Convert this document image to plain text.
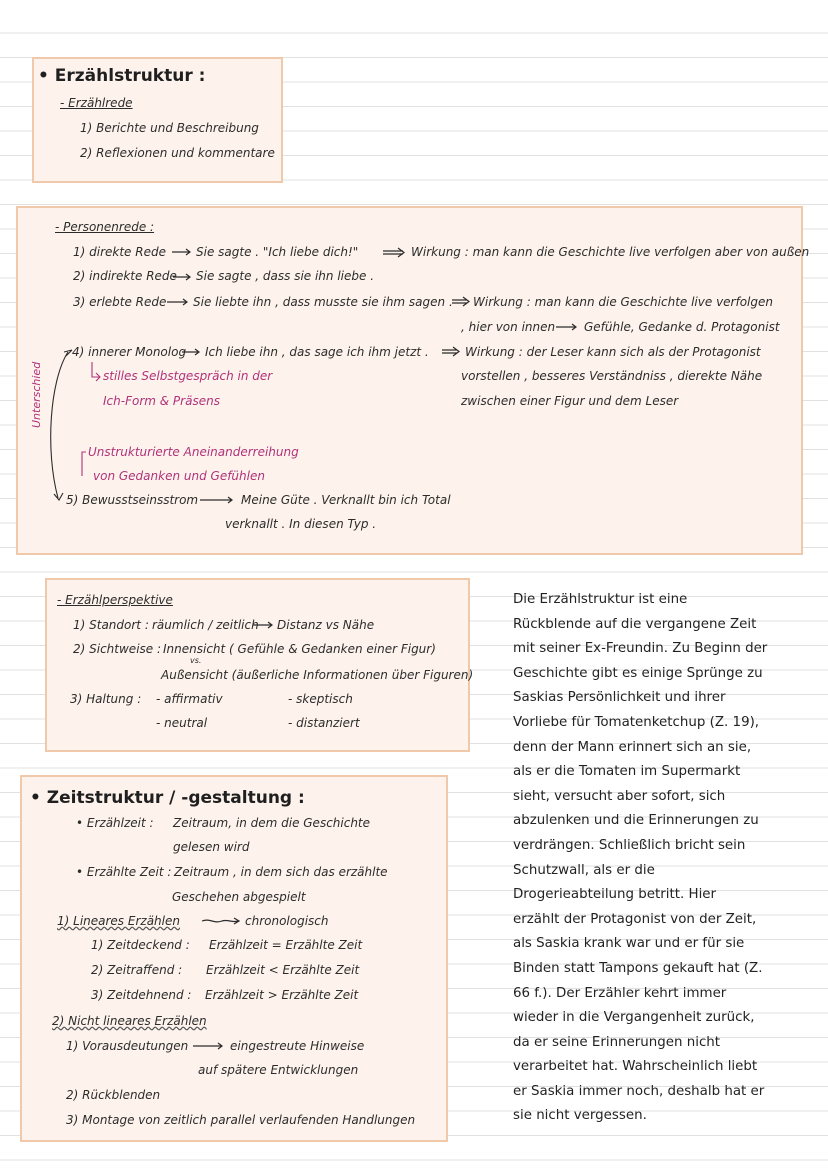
• Erzählstruktur :
- Erzählrede
1) Berichte und Beschreibung
2) Reflexionen und kommentare
- Personenrede :
1) direkte Rede	Sie sagte . "Ich liebe dich!"	Wirkung : man kann die Geschichte live verfolgen aber von außen
2) indirekte Rede Sie sagte , dass sie ihn liebe .
3) erlebte Rede Sie liebte ihn , dass musste sie ihm sagen . Wirkung : man kann die Geschichte live verfolgen
, hier von innen Gefühle, Gedanke d. Protagonist
4) innerer Monolog Ich liebe ihn , das sage ich ihm jetzt .	Wirkung : der Leser kann sich als der Protagonist
stilles Selbstgespräch in der
Ich-Form & Präsens
vorstellen , besseres Verständniss , dierekte Nähe
zwischen einer Figur und dem Leser
Unterschied
Unstrukturierte Aneinanderreihung
von Gedanken und Gefühlen
5) Bewusstseinsstrom	Meine Güte . Verknallt bin ich Total
verknallt . In diesen Typ .
- Erzählperspektive
1) Standort : räumlich / zeitlich Distanz vs Nähe
2) Sichtweise : Innensicht ( Gefühle & Gedanken einer Figur)
vs.
Außensicht (äußerliche Informationen über Figuren)
3) Haltung : - affirmativ	- skeptisch
- neutral	- distanziert
• Zeitstruktur / -gestaltung :
• Erzählzeit : Zeitraum, in dem die Geschichte
gelesen wird
• Erzählte Zeit : Zeitraum , in dem sich das erzählte
Geschehen abgespielt
1) Lineares Erzählen	chronologisch
1) Zeitdeckend : Erzählzeit = Erzählte Zeit
2) Zeitraffend : Erzählzeit < Erzählte Zeit
3) Zeitdehnend : Erzählzeit > Erzählte Zeit
2) Nicht lineares Erzählen
1) Vorausdeutungen	eingestreute Hinweise
auf spätere Entwicklungen
2) Rückblenden
3) Montage von zeitlich parallel verlaufenden Handlungen
Die Erzählstruktur ist eine
Rückblende auf die vergangene Zeit
mit seiner Ex-Freundin. Zu Beginn der
Geschichte gibt es einige Sprünge zu
Saskias Persönlichkeit und ihrer
Vorliebe für Tomatenketchup (Z. 19),
denn der Mann erinnert sich an sie,
als er die Tomaten im Supermarkt
sieht, versucht aber sofort, sich
abzulenken und die Erinnerungen zu
verdrängen. Schließlich bricht sein
Schutzwall, als er die
Drogerieabteilung betritt. Hier
erzählt der Protagonist von der Zeit,
als Saskia krank war und er für sie
Binden statt Tampons gekauft hat (Z.
66 f.). Der Erzähler kehrt immer
wieder in die Vergangenheit zurück,
da er seine Erinnerungen nicht
verarbeitet hat. Wahrscheinlich liebt
er Saskia immer noch, deshalb hat er
sie nicht vergessen.
